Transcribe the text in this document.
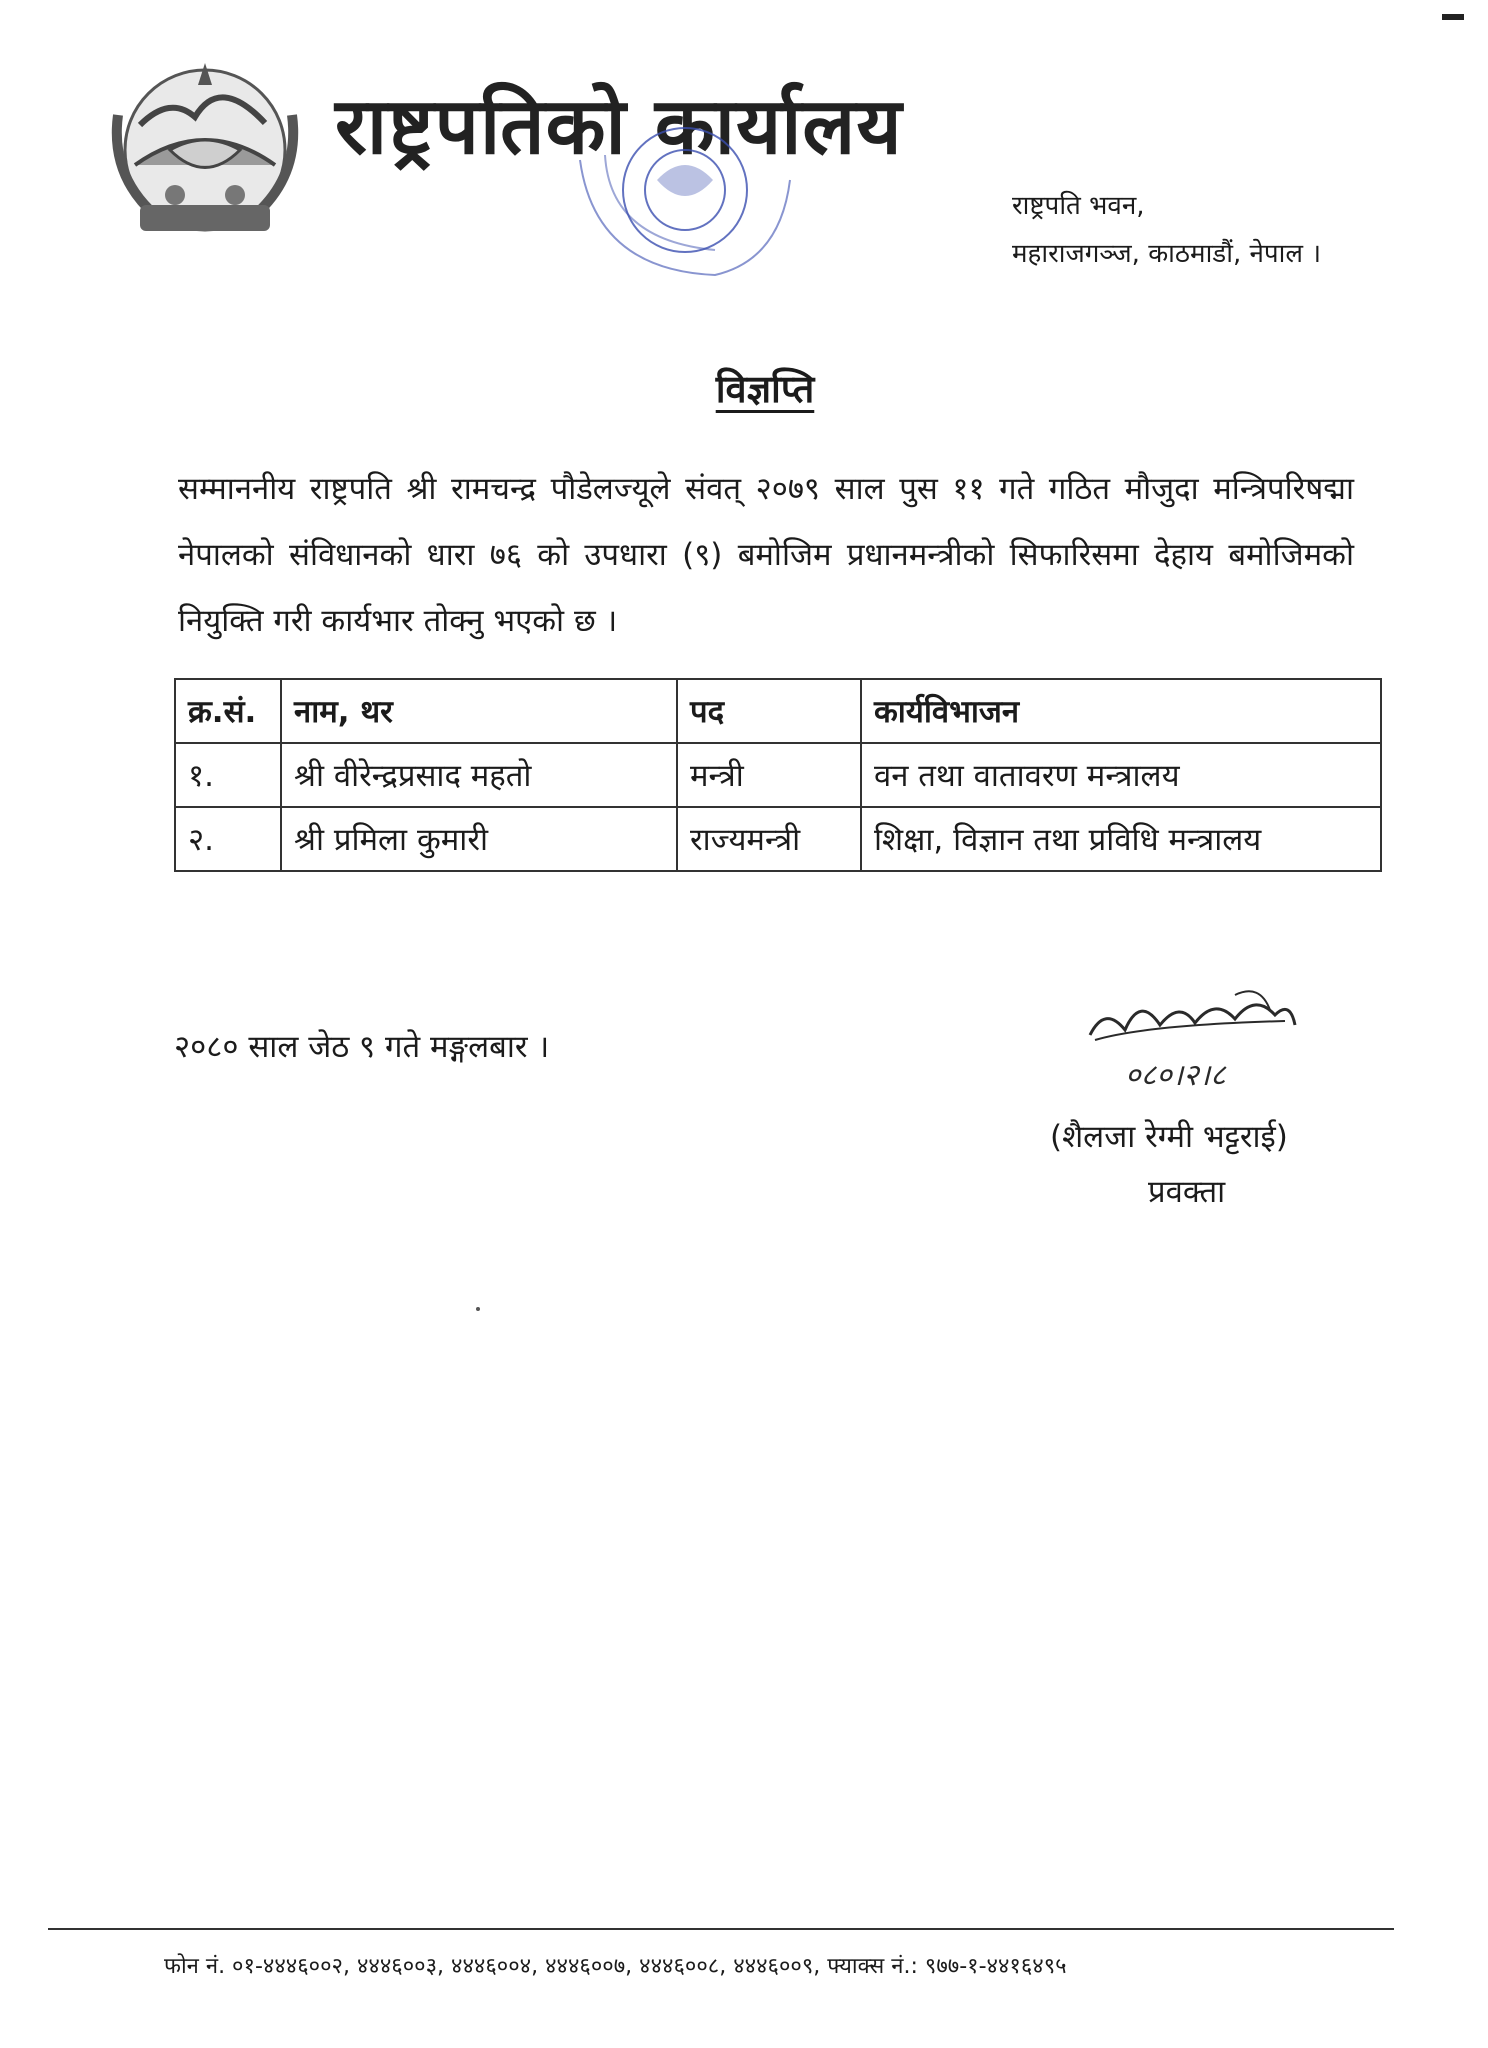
राष्ट्रपतिको कार्यालय
राष्ट्रपति भवन,
महाराजगञ्ज, काठमाडौं, नेपाल ।
विज्ञप्ति
सम्माननीय राष्ट्रपति श्री रामचन्द्र पौडेलज्यूले संवत् २०७९ साल पुस ११ गते गठित मौजुदा मन्त्रिपरिषद्मा नेपालको संविधानको धारा ७६ को उपधारा (९) बमोजिम प्रधानमन्त्रीको सिफारिसमा देहाय बमोजिमको नियुक्ति गरी कार्यभार तोक्नु भएको छ ।
क्र.सं.	नाम, थर	पद	कार्यविभाजन
१.	श्री वीरेन्द्रप्रसाद महतो	मन्त्री	वन तथा वातावरण मन्त्रालय
२.	श्री प्रमिला कुमारी	राज्यमन्त्री	शिक्षा, विज्ञान तथा प्रविधि मन्त्रालय
२०८० साल जेठ ९ गते मङ्गलबार ।
०८०।२।८
(शैलजा रेग्मी भट्टराई)
प्रवक्ता
फोन नं. ०१-४४४६००२, ४४४६००३, ४४४६००४, ४४४६००७, ४४४६००८, ४४४६००९, फ्याक्स नं.: ९७७-१-४४१६४९५
